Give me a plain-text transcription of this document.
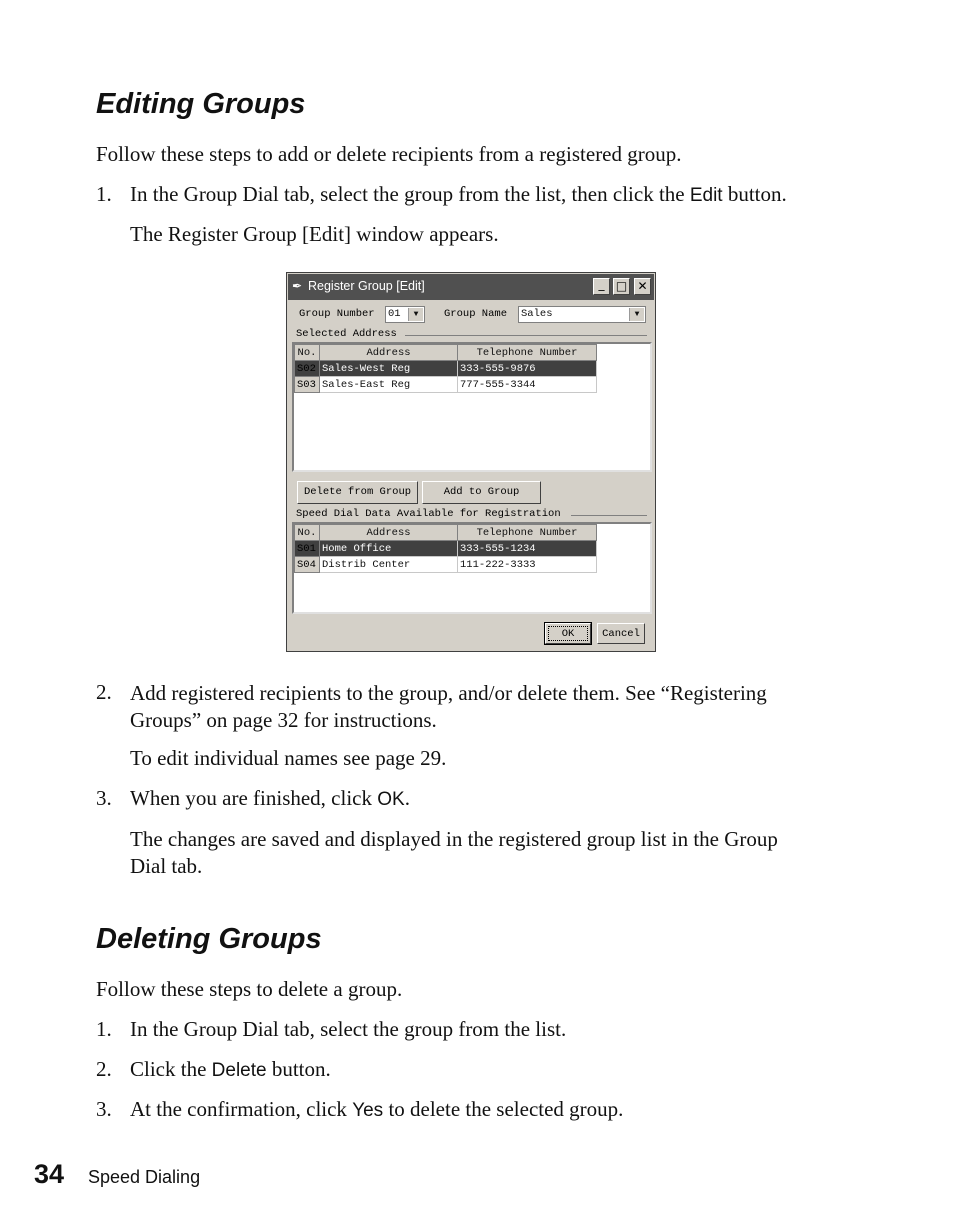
Editing Groups
Follow these steps to add or delete recipients from a registered group.
1. In the Group Dial tab, select the group from the list, then click the Edit button.
The Register Group [Edit] window appears.
✒ Register Group [Edit]	_ □ ✕
Group Number 01	▼	Group Name Sales	▼
Selected Address
No.	Address	Telephone Number
S02	Sales-West Reg	333-555-9876
S03	Sales-East Reg	777-555-3344
Delete from Group	Add to Group
Speed Dial Data Available for Registration
No.	Address	Telephone Number
S01	Home Office	333-555-1234
S04	Distrib Center	111-222-3333
OK	Cancel
2. Add registered recipients to the group, and/or delete them. See “Registering
Groups” on page 32 for instructions.
To edit individual names see page 29.
3. When you are finished, click OK.
The changes are saved and displayed in the registered group list in the Group
Dial tab.
Deleting Groups
Follow these steps to delete a group.
1. In the Group Dial tab, select the group from the list.
2. Click the Delete button.
3. At the confirmation, click Yes to delete the selected group.
34 Speed Dialing
